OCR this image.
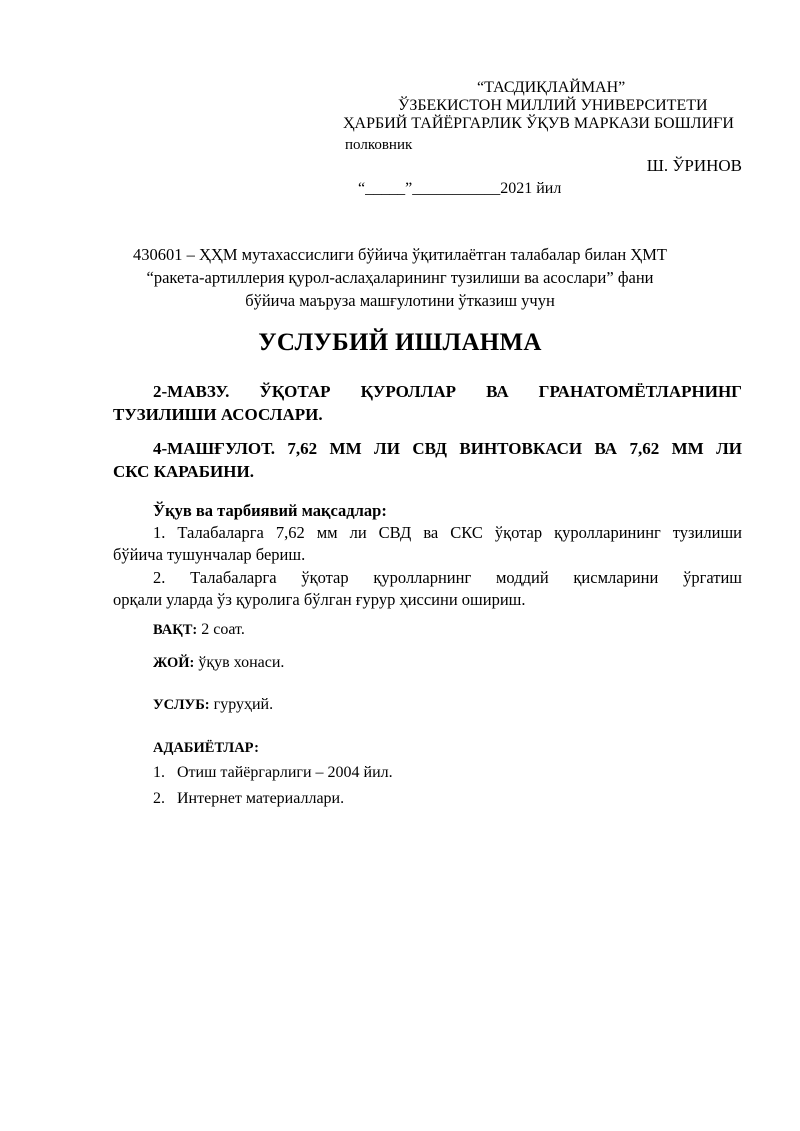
“ТАСДИҚЛАЙМАН”
ЎЗБЕКИСТОН МИЛЛИЙ УНИВЕРСИТЕТИ
ҲАРБИЙ ТАЙЁРГАРЛИК ЎҚУВ МАРКАЗИ БОШЛИҒИ
полковник
Ш. ЎРИНОВ
“_____”___________2021 йил
430601 – ҲҲМ мутахассислиги бўйича ўқитилаётган талабалар билан ҲМТ
“ракета-артиллерия қурол-аслаҳаларининг тузилиши ва асослари” фани
бўйича маъруза машғулотини ўтказиш учун
УСЛУБИЙ ИШЛАНМА
2-МАВЗУ. ЎҚОТАР ҚУРОЛЛАР ВА ГРАНАТОМЁТЛАРНИНГ
ТУЗИЛИШИ АСОСЛАРИ.
4-МАШҒУЛОТ. 7,62 ММ ЛИ СВД ВИНТОВКАСИ ВА 7,62 ММ ЛИ
СКС КАРАБИНИ.
Ўқув ва тарбиявий мақсадлар:
1. Талабаларга 7,62 мм ли СВД ва СКС ўқотар қуролларининг тузилиши
бўйича тушунчалар бериш.
2. Талабаларга ўқотар қуролларнинг моддий қисмларини ўргатиш
орқали уларда ўз қуролига бўлган ғурур ҳиссини ошириш.
ВАҚТ: 2 соат.
ЖОЙ: ўқув хонаси.
УСЛУБ: гуруҳий.
АДАБИЁТЛАР:
1. Отиш тайёргарлиги – 2004 йил.
2. Интернет материаллари.
